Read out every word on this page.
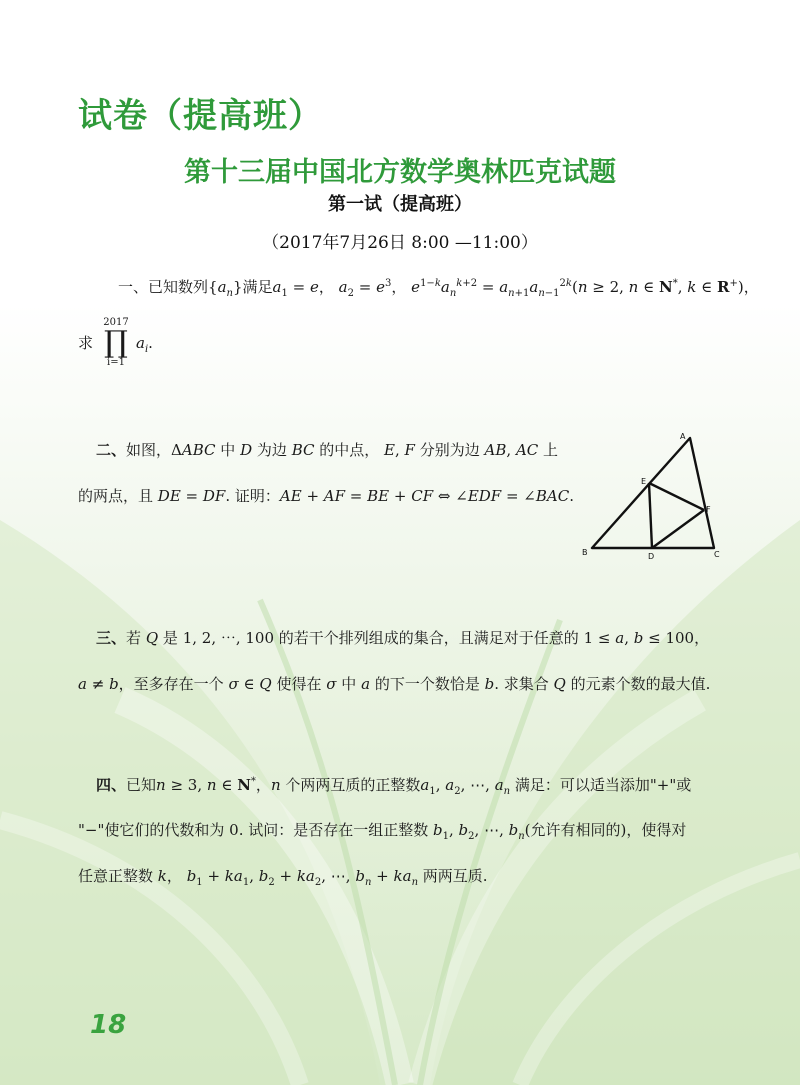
试卷（提高班）
第十三届中国北方数学奥林匹克试题
第一试（提高班）
（2017年7月26日 8:00 —11:00）
一、已知数列$\{a_n\}$满足$a_1 = e$， $a_2 = e^3$， $e^{1-k}a_n^{k+2} = a_{n+1}a_{n-1}^{2k}(n \ge 2$, n ∈ N*, k ∈ R+)，
求
2017
∏
i=1
$a_i$.
二、如图，ΔABC 中 D 为边 BC 的中点， E, F 分别为边 AB, AC 上
的两点，且 DE = DF. 证明：AE + AF = BE + CF ⇔ ∠EDF = ∠BAC.
A
B	C
D
E
F
三、若 Q 是 1, 2, ⋯, 100 的若干个排列组成的集合，且满足对于任意的 1 ≤ a, b ≤ 100，
a ≠ b，至多存在一个 σ ∈ Q 使得在 σ 中 a 的下一个数恰是 b. 求集合 Q 的元素个数的最大值.
四、已知n ≥ 3, n ∈ N*，n 个两两互质的正整数$a_1$, $a_2$, ⋯, $a_n$ 满足：可以适当添加"+"或
"−"使它们的代数和为 0. 试问：是否存在一组正整数 $b_1$, $b_2$, ⋯, $b_n$(允许有相同的)，使得对
任意正整数 k， $b_1 + ka_1$, $b_2 + ka_2$, ⋯, $b_n + ka_n$ 两两互质.
18
